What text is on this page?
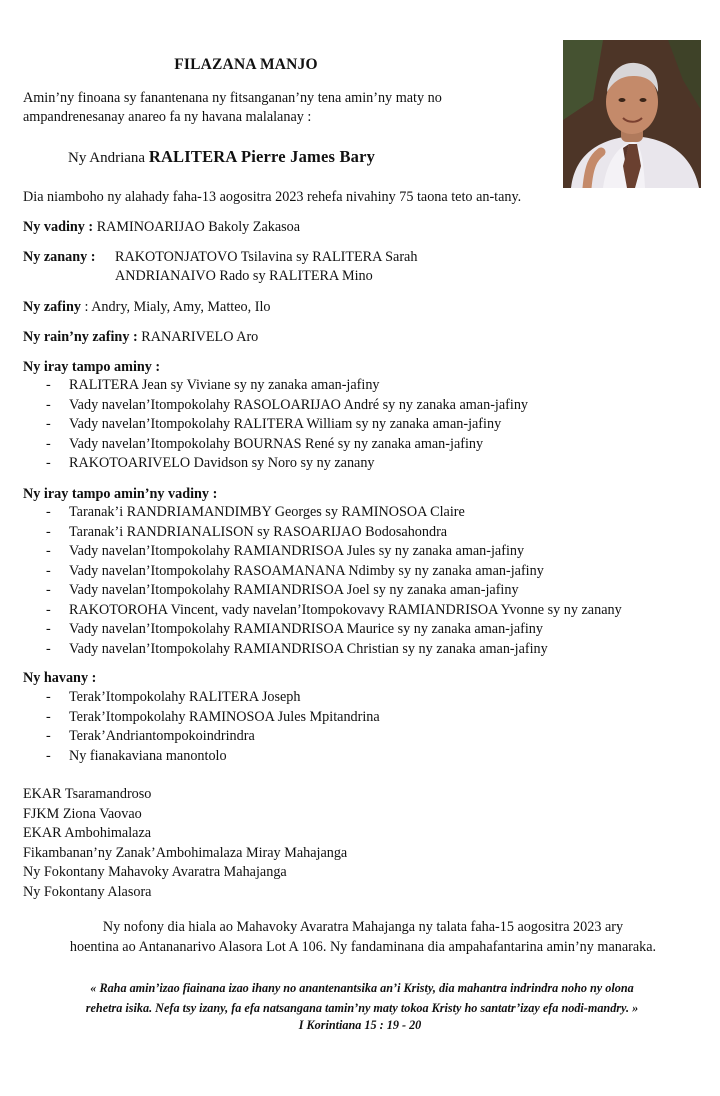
FILAZANA MANJO
Amin’ny finoana sy fanantenana ny fitsanganan’ny tena amin’ny maty no ampandrenesanay anareo fa ny havana malalanay :
Ny Andriana RALITERA Pierre James Bary
Dia niamboho ny alahady faha-13 aogositra 2023 rehefa nivahiny 75 taona teto an-tany.
Ny vadiny : RAMINOARIJAO Bakoly Zakasoa
Ny zanany : RAKOTONJATOVO Tsilavina sy RALITERA Sarah
ANDRIANAIVO Rado sy RALITERA Mino
Ny zafiny : Andry, Mialy, Amy, Matteo, Ilo
Ny rain’ny zafiny : RANARIVELO Aro
Ny iray tampo aminy :
- RALITERA Jean sy Viviane sy ny zanaka aman-jafiny
- Vady navelan’Itompokolahy RASOLOARIJAO André sy ny zanaka aman-jafiny
- Vady navelan’Itompokolahy RALITERA William sy ny zanaka aman-jafiny
- Vady navelan’Itompokolahy BOURNAS René sy ny zanaka aman-jafiny
- RAKOTOARIVELO Davidson sy Noro sy ny zanany
Ny iray tampo amin’ny vadiny :
- Taranak’i RANDRIAMANDIMBY Georges sy RAMINOSOA Claire
- Taranak’i RANDRIANALISON sy RASOARIJAO Bodosahondra
- Vady navelan’Itompokolahy RAMIANDRISOA Jules sy ny zanaka aman-jafiny
- Vady navelan’Itompokolahy RASOAMANANA Ndimby sy ny zanaka aman-jafiny
- Vady navelan’Itompokolahy RAMIANDRISOA Joel sy ny zanaka aman-jafiny
- RAKOTOROHA Vincent, vady navelan’Itompokovavy RAMIANDRISOA Yvonne sy ny zanany
- Vady navelan’Itompokolahy RAMIANDRISOA Maurice sy ny zanaka aman-jafiny
- Vady navelan’Itompokolahy RAMIANDRISOA Christian sy ny zanaka aman-jafiny
Ny havany :
- Terak’Itompokolahy RALITERA Joseph
- Terak’Itompokolahy RAMINOSOA Jules Mpitandrina
- Terak’Andriantompokoindrindra
- Ny fianakaviana manontolo
EKAR Tsaramandroso
FJKM Ziona Vaovao
EKAR Ambohimalaza
Fikambanan’ny Zanak’Ambohimalaza Miray Mahajanga
Ny Fokontany Mahavoky Avaratra Mahajanga
Ny Fokontany Alasora
Ny nofony dia hiala ao Mahavoky Avaratra Mahajanga ny talata faha-15 aogositra 2023 ary
hoentina ao Antananarivo Alasora Lot A 106. Ny fandaminana dia ampahafantarina amin’ny manaraka.
« Raha amin’izao fiainana izao ihany no anantenantsika an’i Kristy, dia mahantra indrindra noho ny olona
rehetra isika. Nefa tsy izany, fa efa natsangana tamin’ny maty tokoa Kristy ho santatr’izay efa nodi-mandry. »
I Korintiana 15 : 19 - 20
